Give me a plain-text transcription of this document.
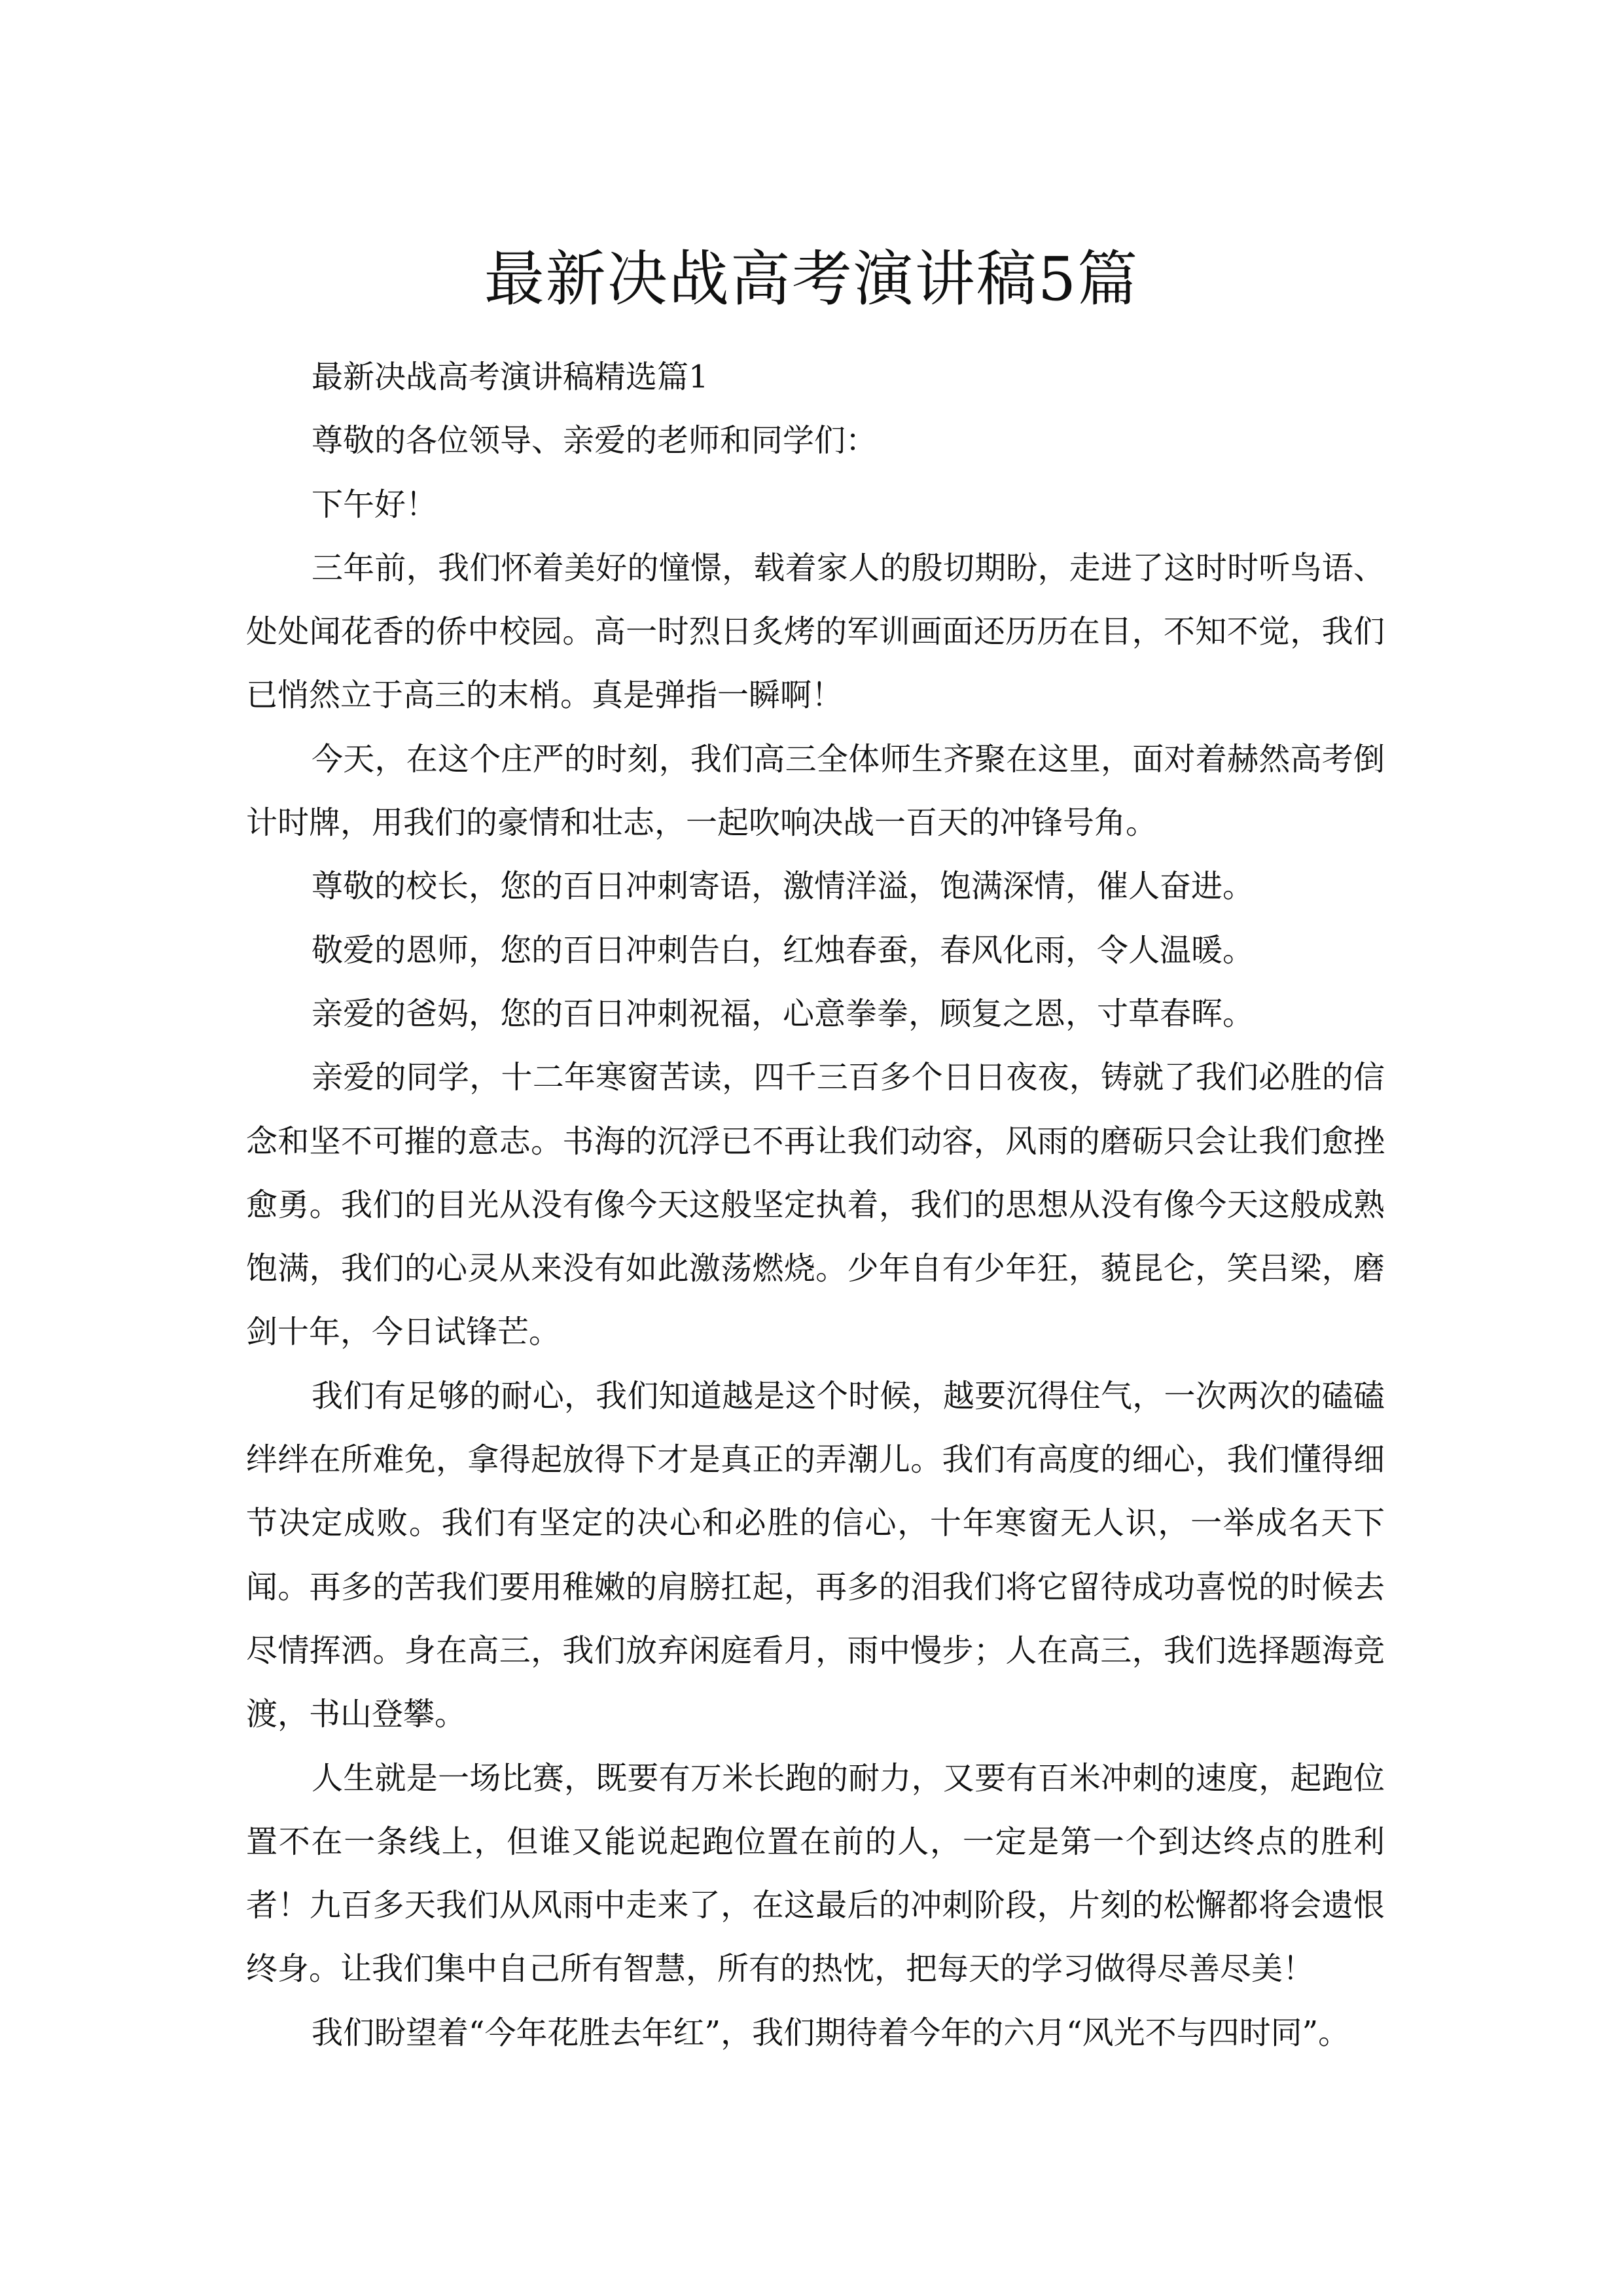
最新决战高考演讲稿5篇

最新决战高考演讲稿精选篇1

尊敬的各位领导、亲爱的老师和同学们：

下午好！

三年前，我们怀着美好的憧憬，载着家人的殷切期盼，走进了这时时听鸟语、处处闻花香的侨中校园。高一时烈日炙烤的军训画面还历历在目，不知不觉，我们已悄然立于高三的末梢。真是弹指一瞬啊！

今天，在这个庄严的时刻，我们高三全体师生齐聚在这里，面对着赫然高考倒计时牌，用我们的豪情和壮志，一起吹响决战一百天的冲锋号角。

尊敬的校长，您的百日冲刺寄语，激情洋溢，饱满深情，催人奋进。

敬爱的恩师，您的百日冲刺告白，红烛春蚕，春风化雨，令人温暖。

亲爱的爸妈，您的百日冲刺祝福，心意拳拳，顾复之恩，寸草春晖。

亲爱的同学，十二年寒窗苦读，四千三百多个日日夜夜，铸就了我们必胜的信念和坚不可摧的意志。书海的沉浮已不再让我们动容，风雨的磨砺只会让我们愈挫愈勇。我们的目光从没有像今天这般坚定执着，我们的思想从没有像今天这般成熟饱满，我们的心灵从来没有如此激荡燃烧。少年自有少年狂，藐昆仑，笑吕梁，磨剑十年，今日试锋芒。

我们有足够的耐心，我们知道越是这个时候，越要沉得住气，一次两次的磕磕绊绊在所难免，拿得起放得下才是真正的弄潮儿。我们有高度的细心，我们懂得细节决定成败。我们有坚定的决心和必胜的信心，十年寒窗无人识，一举成名天下闻。再多的苦我们要用稚嫩的肩膀扛起，再多的泪我们将它留待成功喜悦的时候去尽情挥洒。身在高三，我们放弃闲庭看月，雨中慢步；人在高三，我们选择题海竞渡，书山登攀。

人生就是一场比赛，既要有万米长跑的耐力，又要有百米冲刺的速度，起跑位置不在一条线上，但谁又能说起跑位置在前的人，一定是第一个到达终点的胜利者！九百多天我们从风雨中走来了，在这最后的冲刺阶段，片刻的松懈都将会遗恨终身。让我们集中自己所有智慧，所有的热忱，把每天的学习做得尽善尽美！

我们盼望着“今年花胜去年红”，我们期待着今年的六月“风光不与四时同”。
